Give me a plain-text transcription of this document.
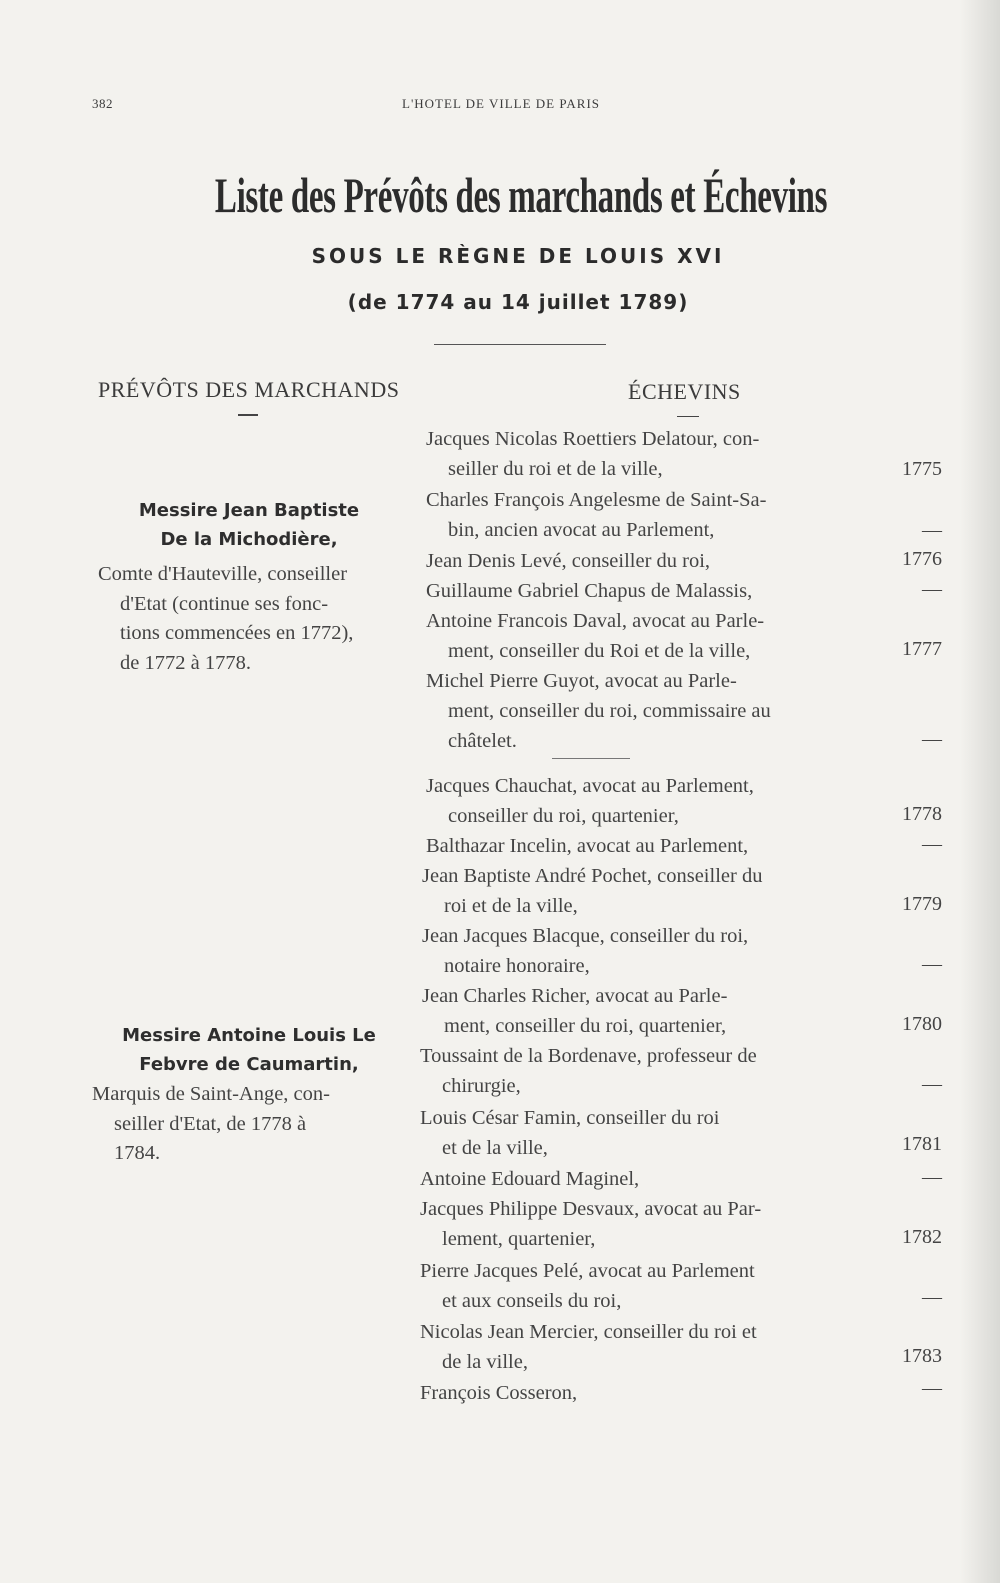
382	L'HOTEL DE VILLE DE PARIS
Liste des Prévôts des marchands et Échevins
SOUS LE RÈGNE DE LOUIS XVI
(de 1774 au 14 juillet 1789)
PRÉVÔTS DES MARCHANDS	ÉCHEVINS
Messire Jean Baptiste
De la Michodière,
Comte d'Hauteville, conseiller
d'Etat (continue ses fonc-
tions commencées en 1772),
de 1772 à 1778.
Messire Antoine Louis Le
Febvre de Caumartin,
Marquis de Saint-Ange, con-
seiller d'Etat, de 1778 à
1784.
Jacques Nicolas Roettiers Delatour, con-
seiller du roi et de la ville,	1775
Charles François Angelesme de Saint-Sa-
bin, ancien avocat au Parlement,	—
Jean Denis Levé, conseiller du roi,	1776
Guillaume Gabriel Chapus de Malassis,	—
Antoine Francois Daval, avocat au Parle-
ment, conseiller du Roi et de la ville,	1777
Michel Pierre Guyot, avocat au Parle-
ment, conseiller du roi, commissaire au
châtelet.	—
Jacques Chauchat, avocat au Parlement,
conseiller du roi, quartenier,	1778
Balthazar Incelin, avocat au Parlement,	—
Jean Baptiste André Pochet, conseiller du
roi et de la ville,	1779
Jean Jacques Blacque, conseiller du roi,
notaire honoraire,	—
Jean Charles Richer, avocat au Parle-
ment, conseiller du roi, quartenier,	1780
Toussaint de la Bordenave, professeur de
chirurgie,	—
Louis César Famin, conseiller du roi
et de la ville,	1781
Antoine Edouard Maginel,	—
Jacques Philippe Desvaux, avocat au Par-
lement, quartenier,	1782
Pierre Jacques Pelé, avocat au Parlement
et aux conseils du roi,	—
Nicolas Jean Mercier, conseiller du roi et
de la ville,	1783
François Cosseron,	—
